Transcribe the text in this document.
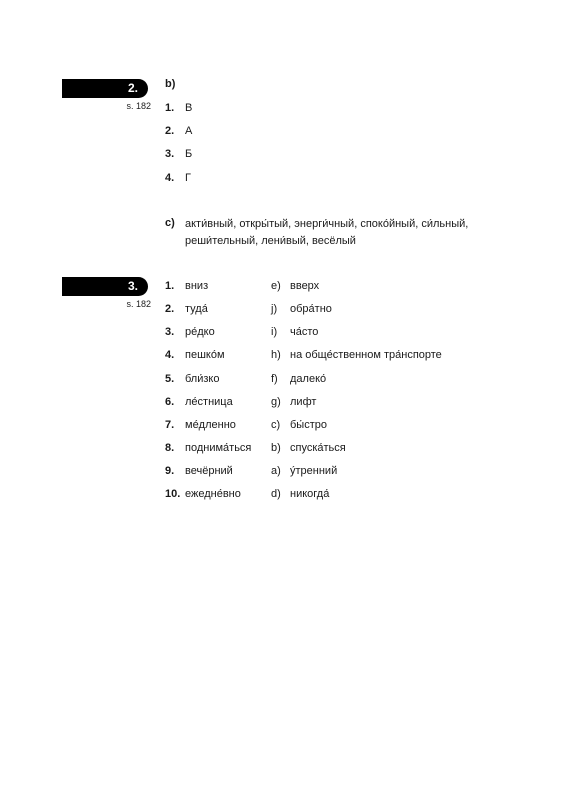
2.
s. 182
b)
1. В
2. А
3. Б
4. Г
c) акти́вный, откры́тый, энерги́чный, споко́йный, си́льный, реши́тельный, лени́вый, весёлый
3.
s. 182
1. вниз	e) вверх
2. туда́	j) обра́тно
3. ре́дко	i) ча́сто
4. пешко́м	h) на обще́ственном тра́нспорте
5. бли́зко	f) далеко́
6. ле́стница	g) лифт
7. ме́дленно	c) бы́стро
8. поднима́ться b) спуска́ться
9. вечёрний	a) у́тренний
10. ежедне́вно	d) никогда́
